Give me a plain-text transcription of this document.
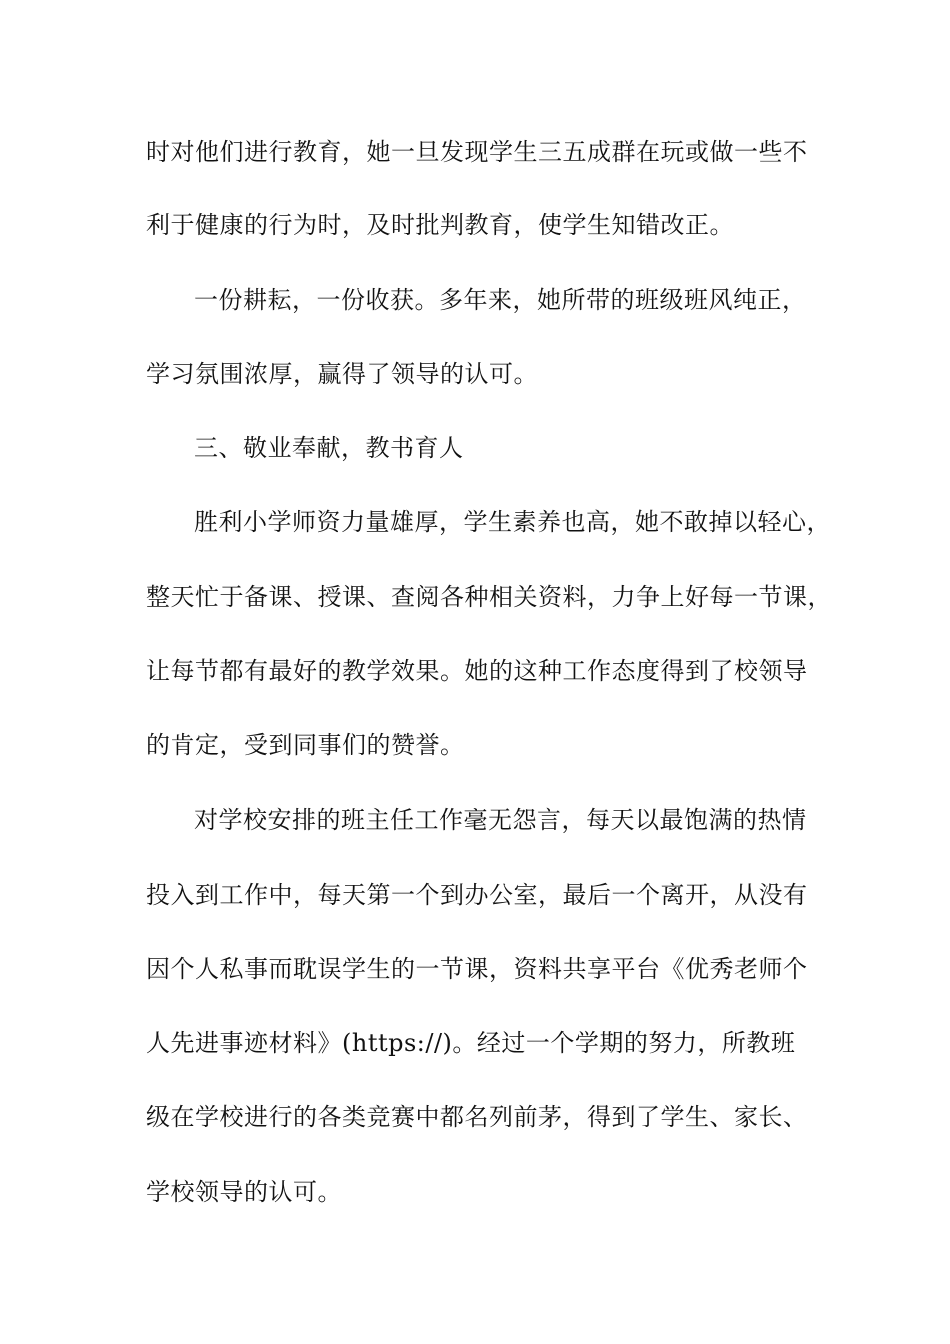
时对他们进行教育，她一旦发现学生三五成群在玩或做一些不
利于健康的行为时，及时批判教育，使学生知错改正。
一份耕耘，一份收获。多年来，她所带的班级班风纯正，
学习氛围浓厚，赢得了领导的认可。
三、敬业奉献，教书育人
胜利小学师资力量雄厚，学生素养也高，她不敢掉以轻心，
整天忙于备课、授课、查阅各种相关资料，力争上好每一节课，
让每节都有最好的教学效果。她的这种工作态度得到了校领导
的肯定，受到同事们的赞誉。
对学校安排的班主任工作毫无怨言，每天以最饱满的热情
投入到工作中，每天第一个到办公室，最后一个离开，从没有
因个人私事而耽误学生的一节课，资料共享平台《优秀老师个
人先进事迹材料》(https://)。经过一个学期的努力，所教班
级在学校进行的各类竞赛中都名列前茅，得到了学生、家长、
学校领导的认可。
